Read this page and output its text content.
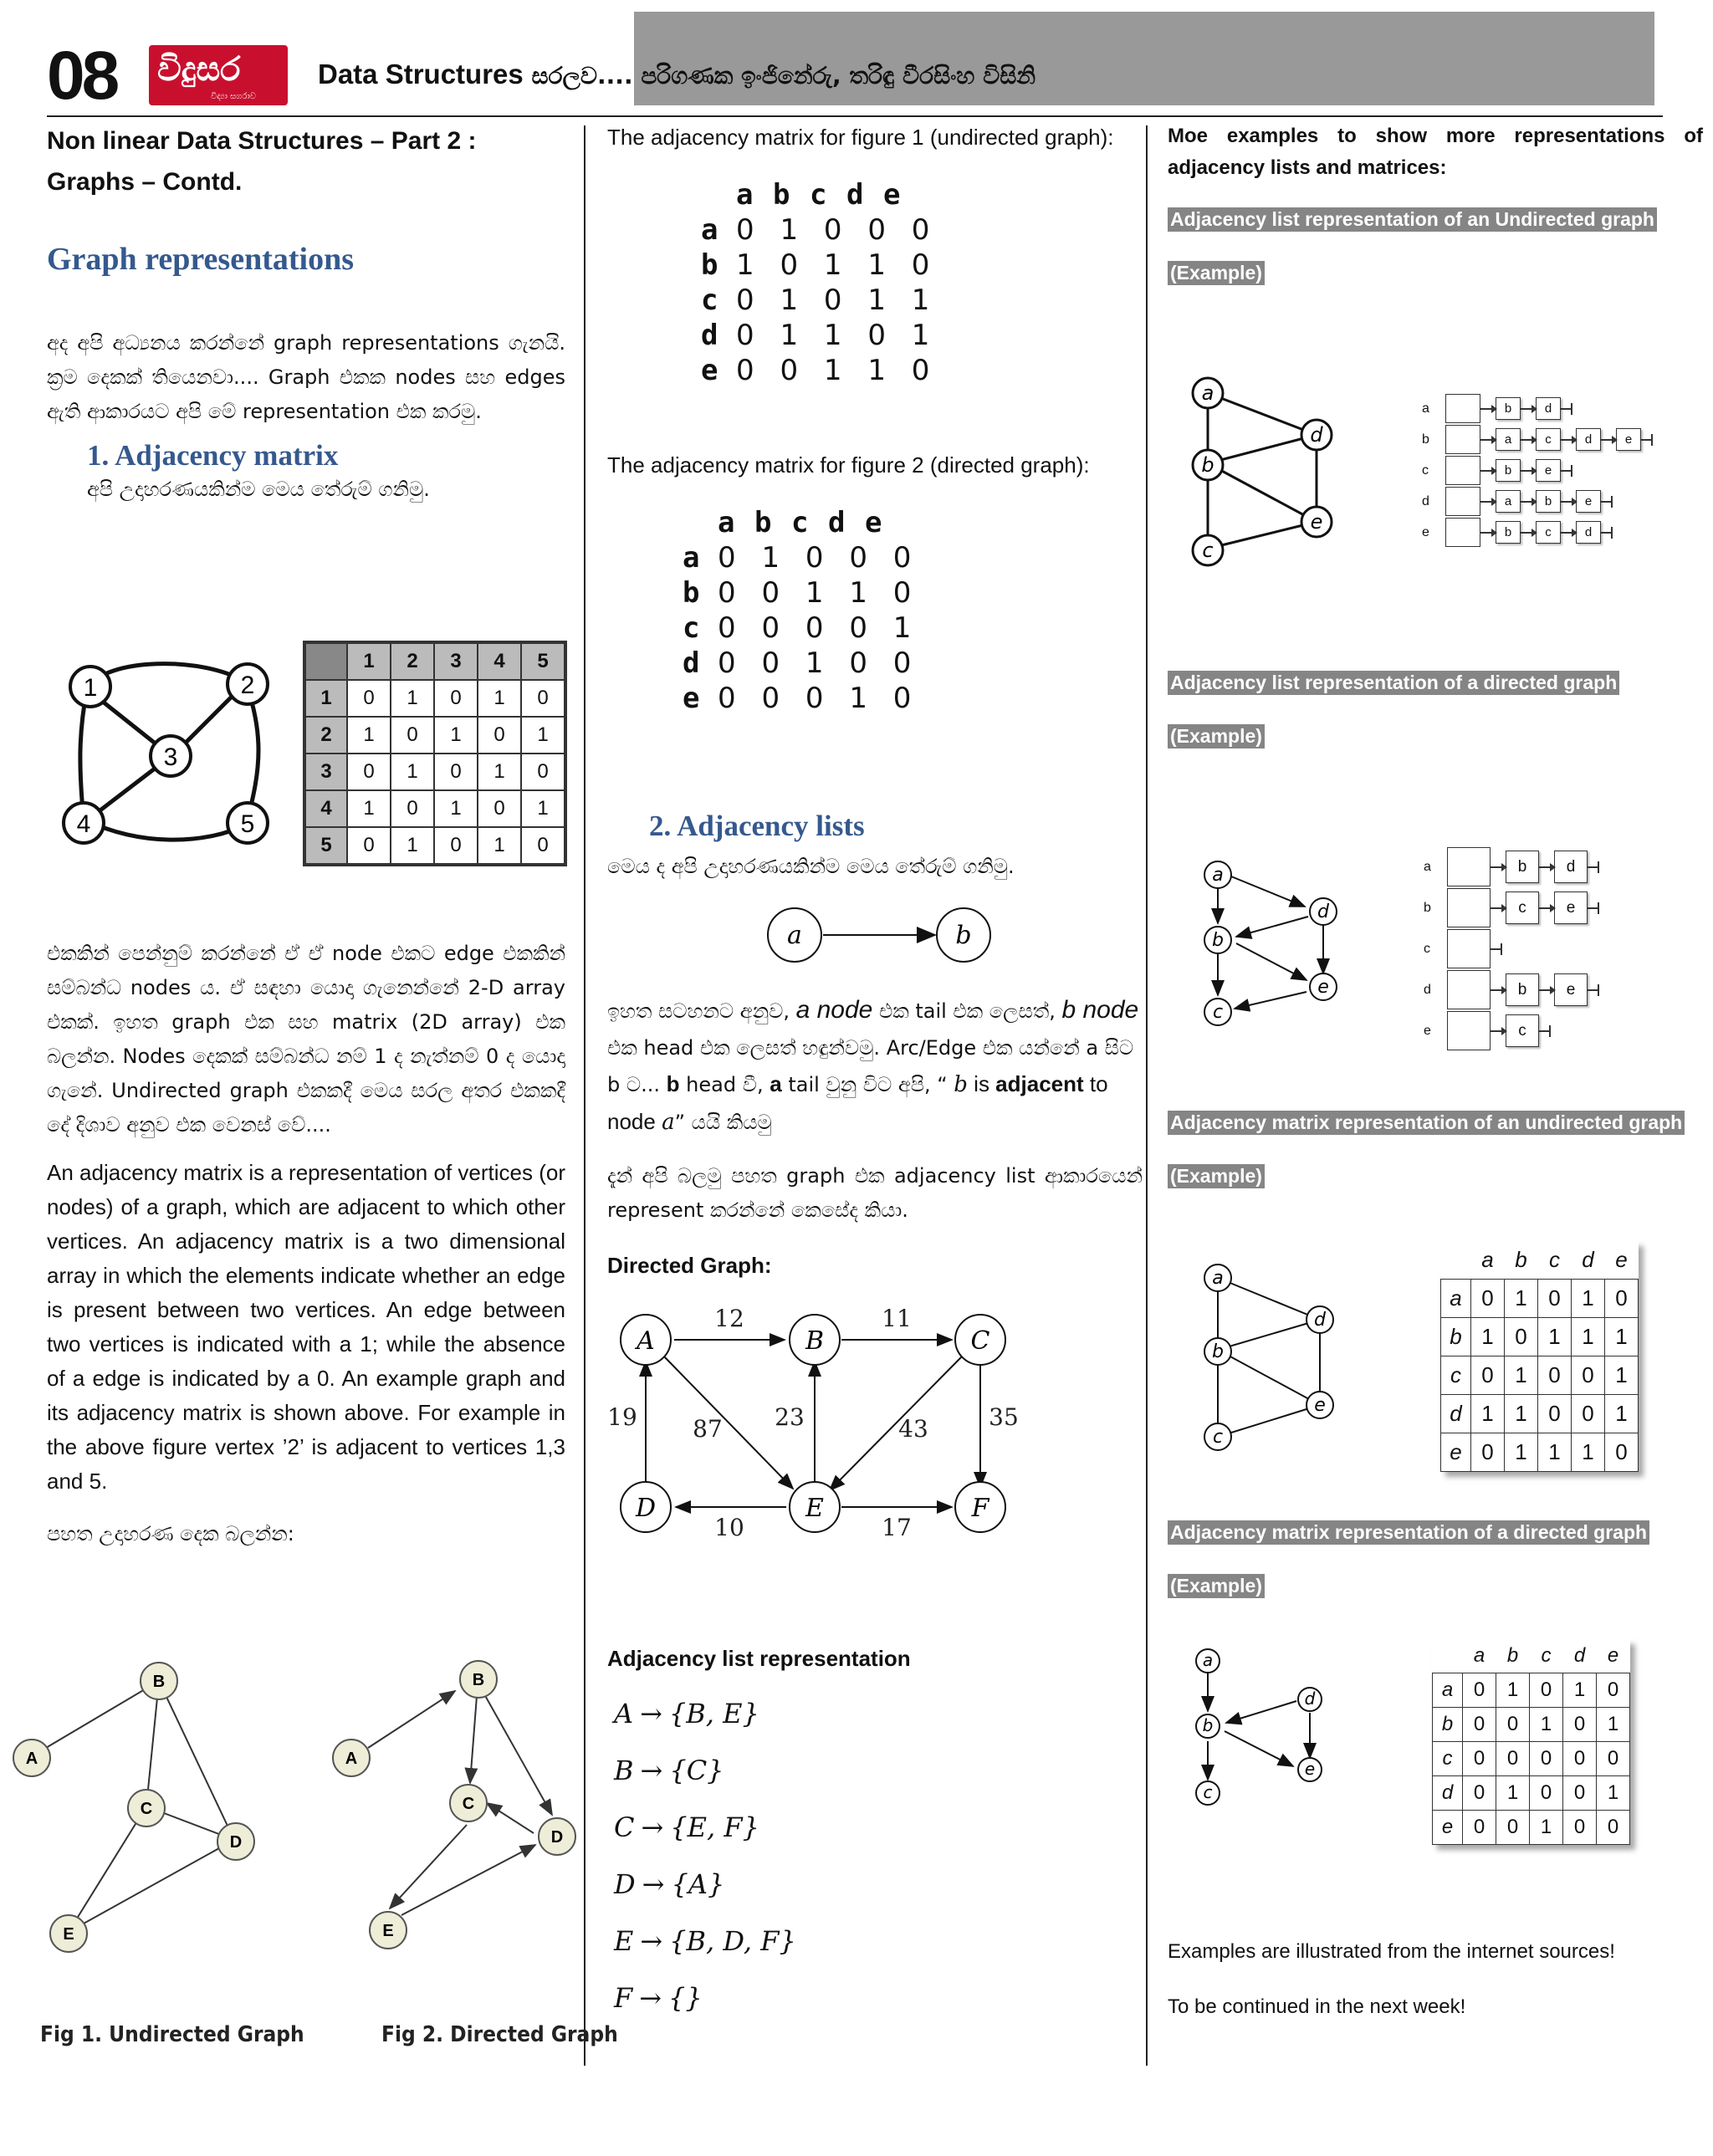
08 විදුසර
විද්‍යා සගරාව
Data Structures සරලව.... පරිගණක ඉංජිනේරු, තරිඳු වීරසිංහ විසිනි
Non linear Data Structures – Part 2 :
Graphs – Contd.
Graph representations
අද අපි අධ්‍යනය කරන්නේ graph representations ගැනයි. ක්‍රම දෙකක් තියෙනවා.... Graph එකක nodes සහ edges ඇති ආකාරයට අපි මේ representation එක කරමු.
1. Adjacency matrix
අපි උදාහරණයකින්ම මෙය තේරුම් ගනිමු.
1	2
3
4	5
	1	2	3	4	5
1	0	1	0	1	0
2	1	0	1	0	1
3	0	1	0	1	0
4	1	0	1	0	1
5	0	1	0	1	0
එකකින් පෙන්නුම් කරන්නේ ඒ ඒ node එකට edge එකකින් සම්බන්ධ nodes ය. ඒ සඳහා යොදා ගැනෙන්නේ 2-D array එකක්. ඉහත graph එක සහ matrix (2D array) එක බලන්න. Nodes දෙකක් සම්බන්ධ නම් 1 ද නැත්නම් 0 ද යොදා ගැනේ. Undirected graph එකකදී මෙය සරල අතර එකකදී දේ දිශාව අනුව එක වෙනස් වේ....
An adjacency matrix is a representation of vertices (or nodes) of a graph, which are adjacent to which other vertices. An adjacency matrix is a two dimensional array in which the elements indicate whether an edge is present between two vertices. An edge between two vertices is indicated with a 1; while the absence of a edge is indicated by a 0. An example graph and its adjacency matrix is shown above. For example in the above figure vertex ’2’ is adjacent to vertices 1,3 and 5.
පහත උදාහරණ දෙක බලන්න:
A
B
C
D
E
Fig 1. Undirected Graph
A
B
C
D
E
Fig 2. Directed Graph
The adjacency matrix for figure 1 (undirected graph):
a b c d e
a 0 1 0 0 0
b 1 0 1 1 0
c 0 1 0 1 1
d 0 1 1 0 1
e 0 0 1 1 0
The adjacency matrix for figure 2 (directed graph):
a b c d e
a 0 1 0 0 0
b 0 0 1 1 0
c 0 0 0 0 1
d 0 0 1 0 0
e 0 0 0 1 0
2. Adjacency lists
මෙය ද අපි උදාහරණයකින්ම මෙය තේරුම් ගනිමු.
a	b
ඉහත සටහනට අනුව, a node එක tail එක ලෙසත්, b node එක head එක ලෙසත් හඳුන්වමු. Arc/Edge එක යන්නේ a සිට b ට... b head වී, a tail වුනු විට අපි, “ b is adjacent to node a” යයි කියමු
දැන් අපි බලමු පහත graph එක adjacency list ආකාරයෙන් represent කරන්නේ කෙසේද කියා.
Directed Graph:
12	11
19 87 23	43	35
10	17
A	B	C
D	E	F
Adjacency list representation
A → {B, E}
B → {C}
C → {E, F}
D → {A}
E → {B, D, F}
F → {}
Moe examples to show more representations of adjacency lists and matrices:
Adjacency list representation of an Undirected graph
(Example)
a
b
c
d
e
a	b	d
b	a	c	d	e
c	b	e
d	a	b	e
e	b	c	d
Adjacency list representation of a directed graph
(Example)
a
b
c
d
e
a	b	d
b	c	e
c
d	b	e
e	c
Adjacency matrix representation of an undirected graph
(Example)
a
b
c
d
e
	a	b	c	d	e
a	0	1	0	1	0
b	1	0	1	1	1
c	0	1	0	0	1
d	1	1	0	0	1
e	0	1	1	1	0
Adjacency matrix representation of a directed graph
(Example)
a
b
c
d
e
	a	b	c	d	e
a	0	1	0	1	0
b	0	0	1	0	1
c	0	0	0	0	0
d	0	1	0	0	1
e	0	0	1	0	0
Examples are illustrated from the internet sources!
To be continued in the next week!
